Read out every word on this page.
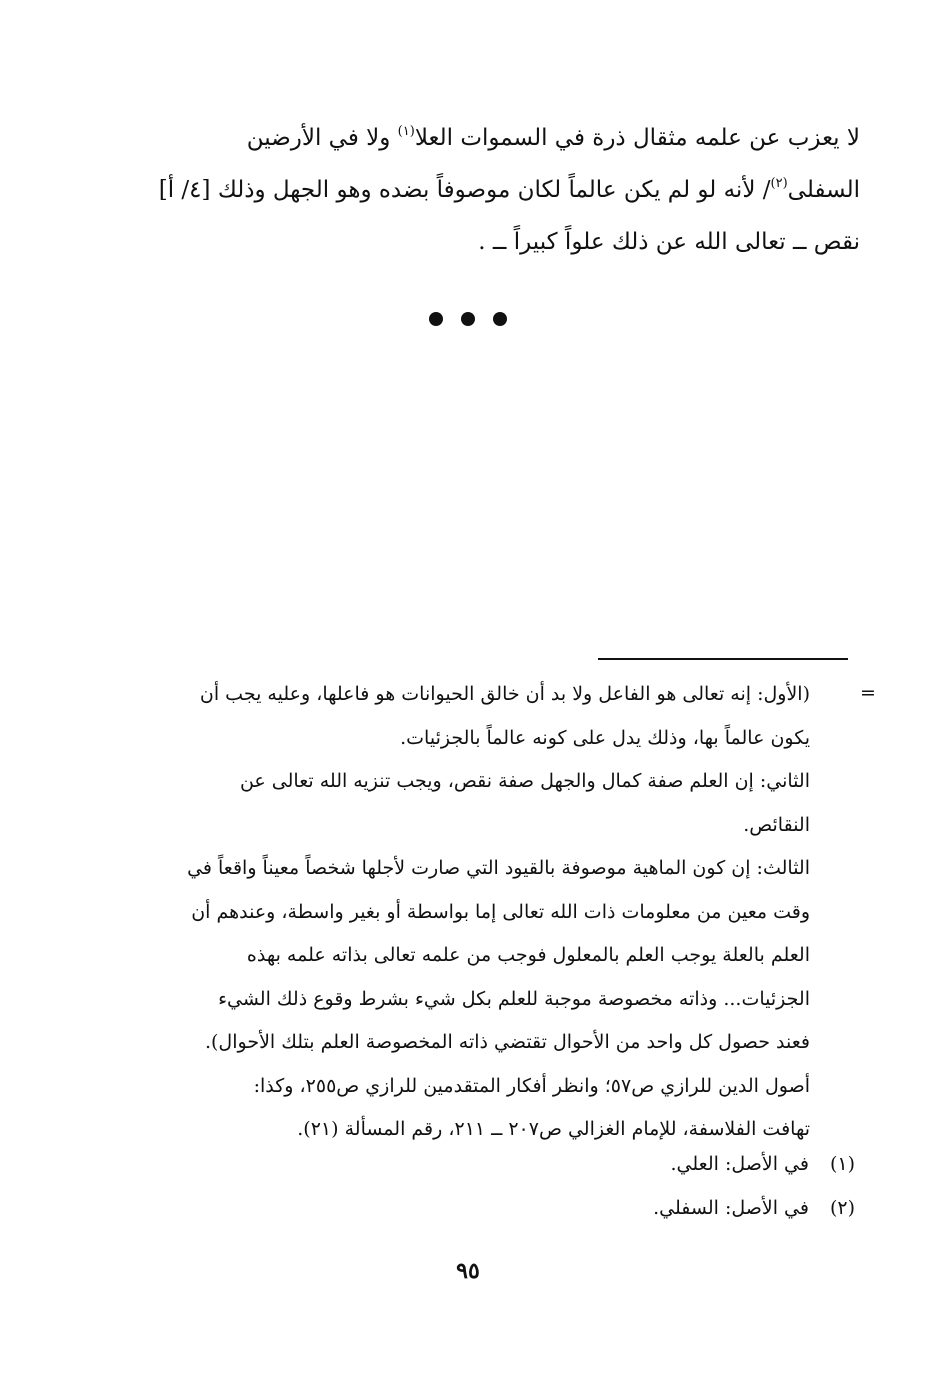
لا يعزب عن علمه مثقال ذرة في السموات العلا$^{(١)}$ ولا في الأرضين
السفلى$^{(٢)}$/ لأنه لو لم يكن عالماً لكان موصوفاً بضده وهو الجهل وذلك [٤/ أ]
نقص ــ تعالى الله عن ذلك علواً كبيراً ــ .
=
(الأول: إنه تعالى هو الفاعل ولا بد أن خالق الحيوانات هو فاعلها، وعليه يجب أن
يكون عالماً بها، وذلك يدل على كونه عالماً بالجزئيات.
الثاني: إن العلم صفة كمال والجهل صفة نقص، ويجب تنزيه الله تعالى عن
النقائص.
الثالث: إن كون الماهية موصوفة بالقيود التي صارت لأجلها شخصاً معيناً واقعاً في
وقت معين من معلومات ذات الله تعالى إما بواسطة أو بغير واسطة، وعندهم أن
العلم بالعلة يوجب العلم بالمعلول فوجب من علمه تعالى بذاته علمه بهذه
الجزئيات... وذاته مخصوصة موجبة للعلم بكل شيء بشرط وقوع ذلك الشيء
فعند حصول كل واحد من الأحوال تقتضي ذاته المخصوصة العلم بتلك الأحوال).
أصول الدين للرازي ص٥٧؛ وانظر أفكار المتقدمين للرازي ص٢٥٥، وكذا:
تهافت الفلاسفة، للإمام الغزالي ص٢٠٧ ــ ٢١١، رقم المسألة (٢١).
(١) في الأصل: العلي.
(٢) في الأصل: السفلي.
٩٥
